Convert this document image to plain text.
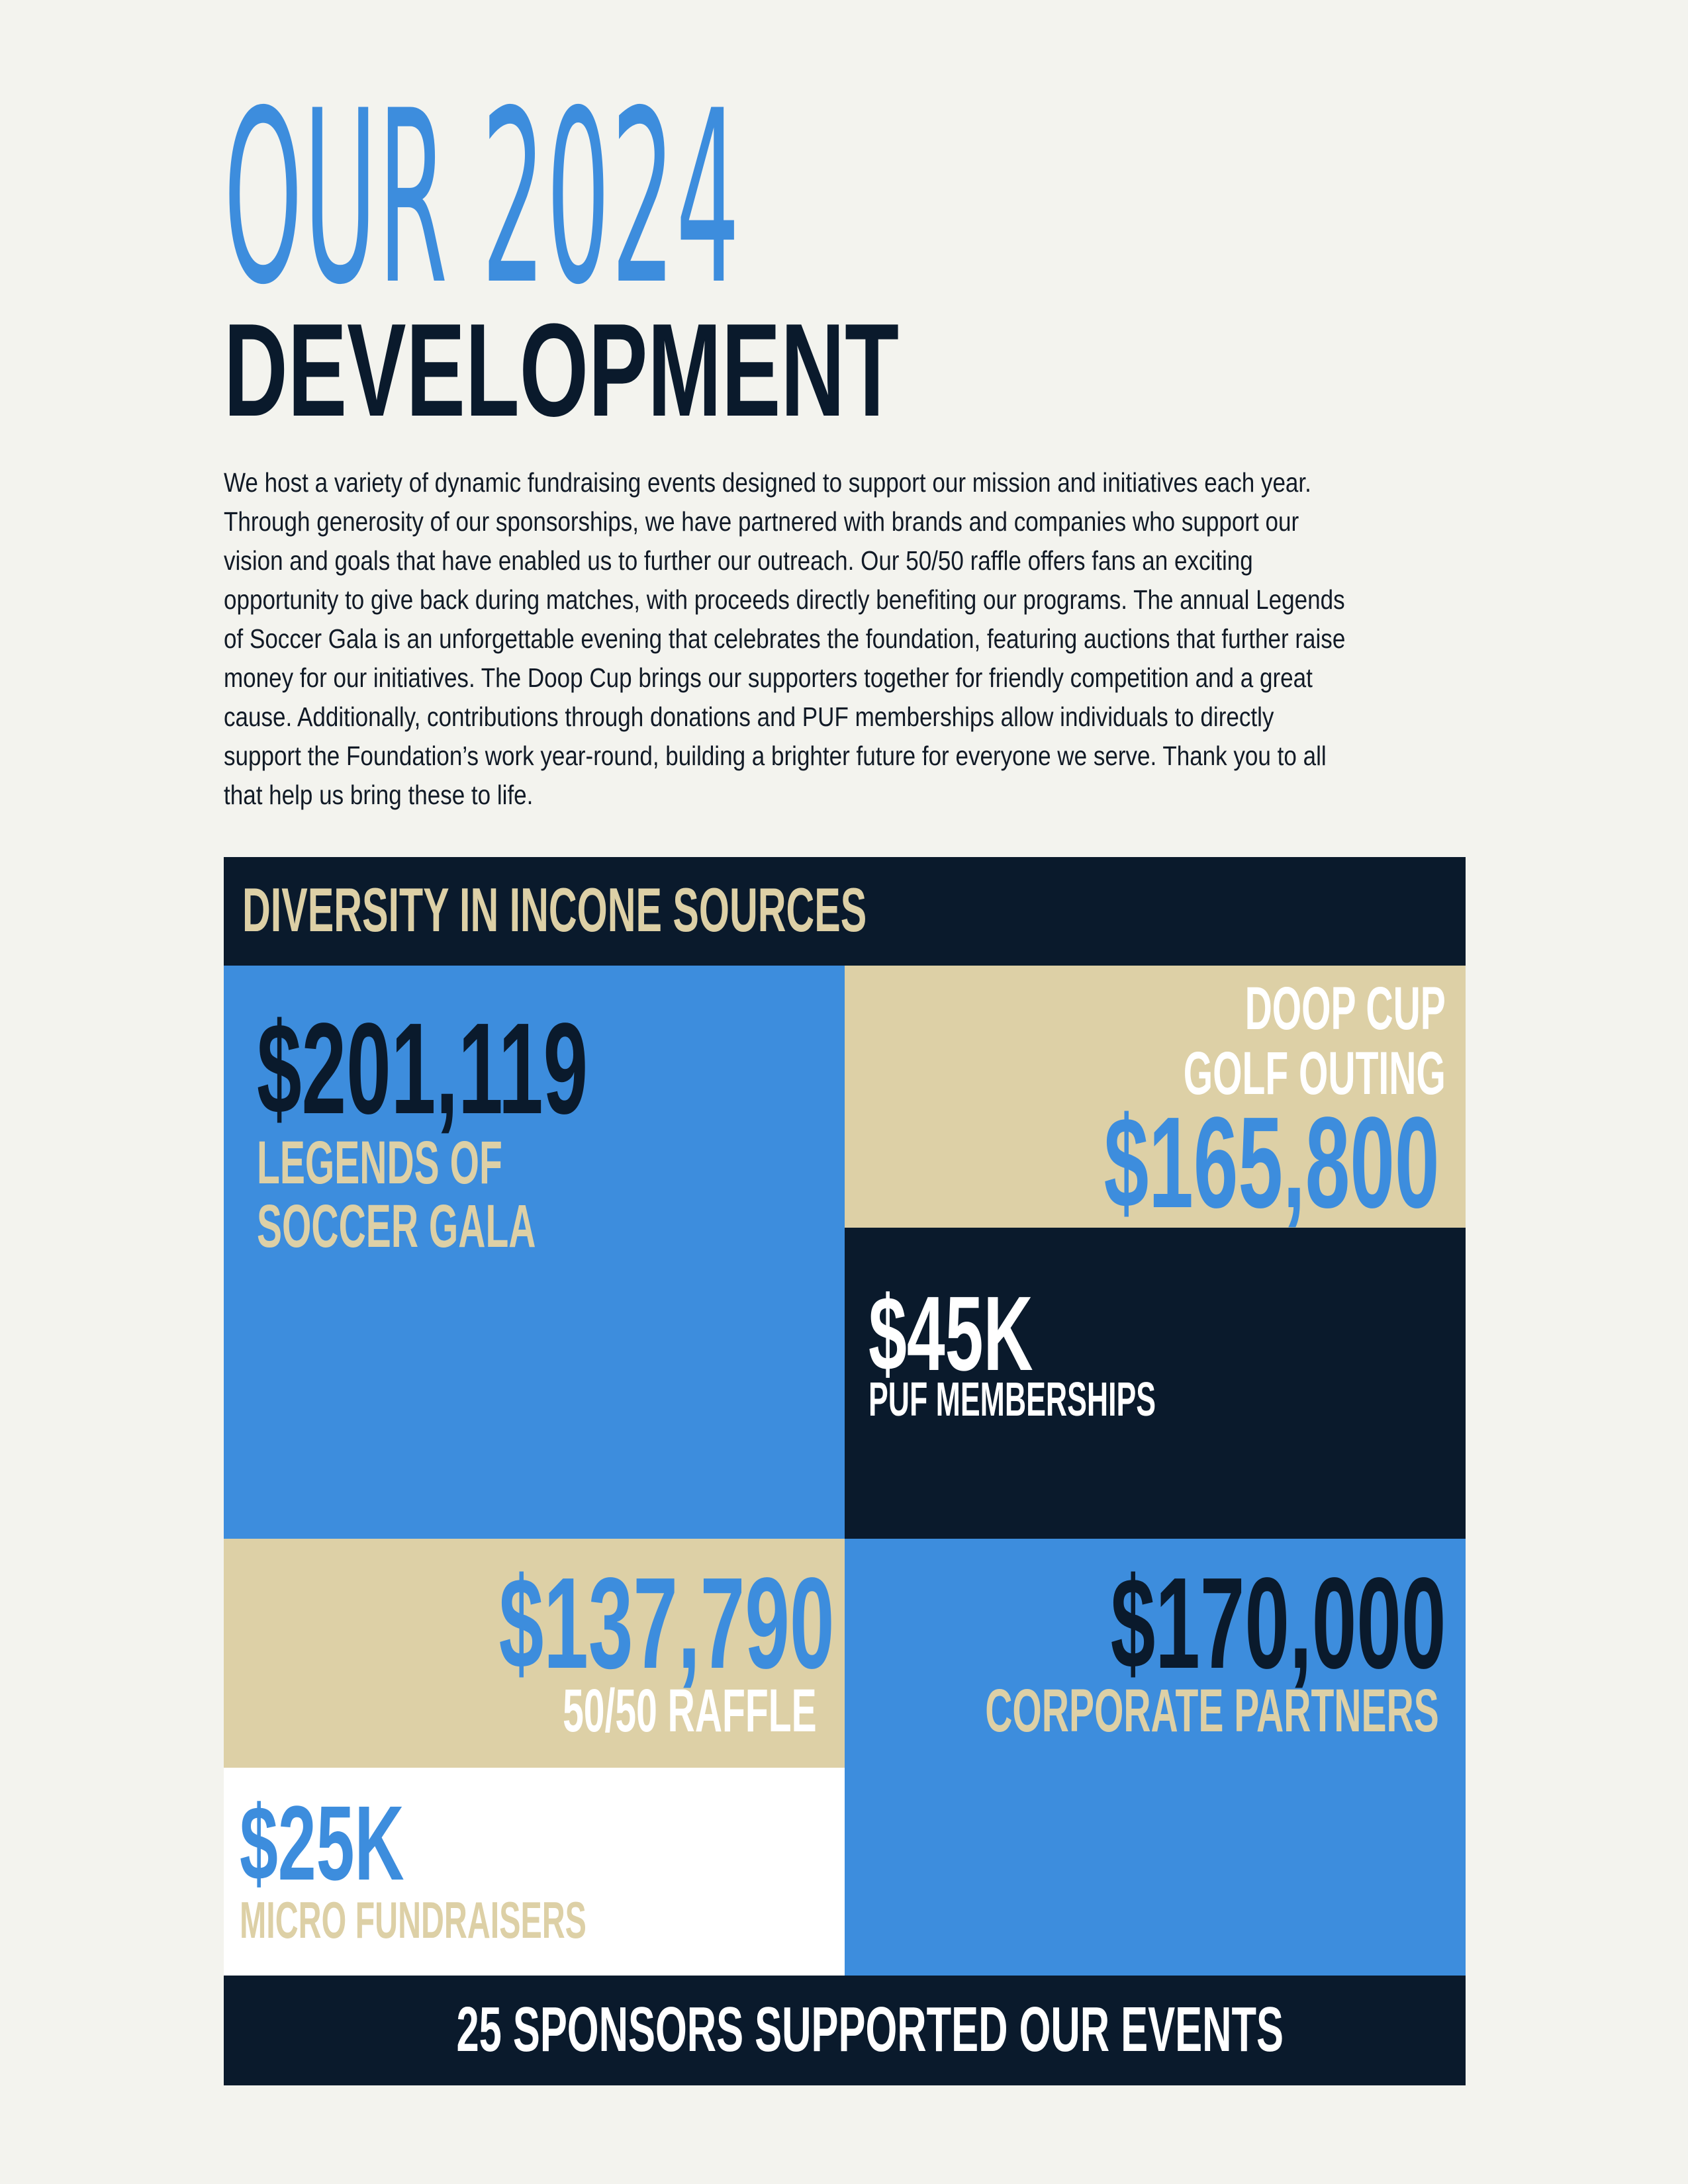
OUR 2024
DEVELOPMENT
We host a variety of dynamic fundraising events designed to support our mission and initiatives each year.
Through generosity of our sponsorships, we have partnered with brands and companies who support our
vision and goals that have enabled us to further our outreach. Our 50/50 raffle offers fans an exciting
opportunity to give back during matches, with proceeds directly benefiting our programs. The annual Legends
of Soccer Gala is an unforgettable evening that celebrates the foundation, featuring auctions that further raise
money for our initiatives. The Doop Cup brings our supporters together for friendly competition and a great
cause. Additionally, contributions through donations and PUF memberships allow individuals to directly
support the Foundation’s work year-round, building a brighter future for everyone we serve. Thank you to all
that help us bring these to life.
DIVERSITY IN INCONE SOURCES
$201,119
LEGENDS OF
SOCCER GALA
DOOP CUP
GOLF OUTING
$165,800
$45K
PUF MEMBERSHIPS
$137,790
50/50 RAFFLE
$170,000
CORPORATE PARTNERS
$25K
MICRO FUNDRAISERS
25 SPONSORS SUPPORTED OUR EVENTS
